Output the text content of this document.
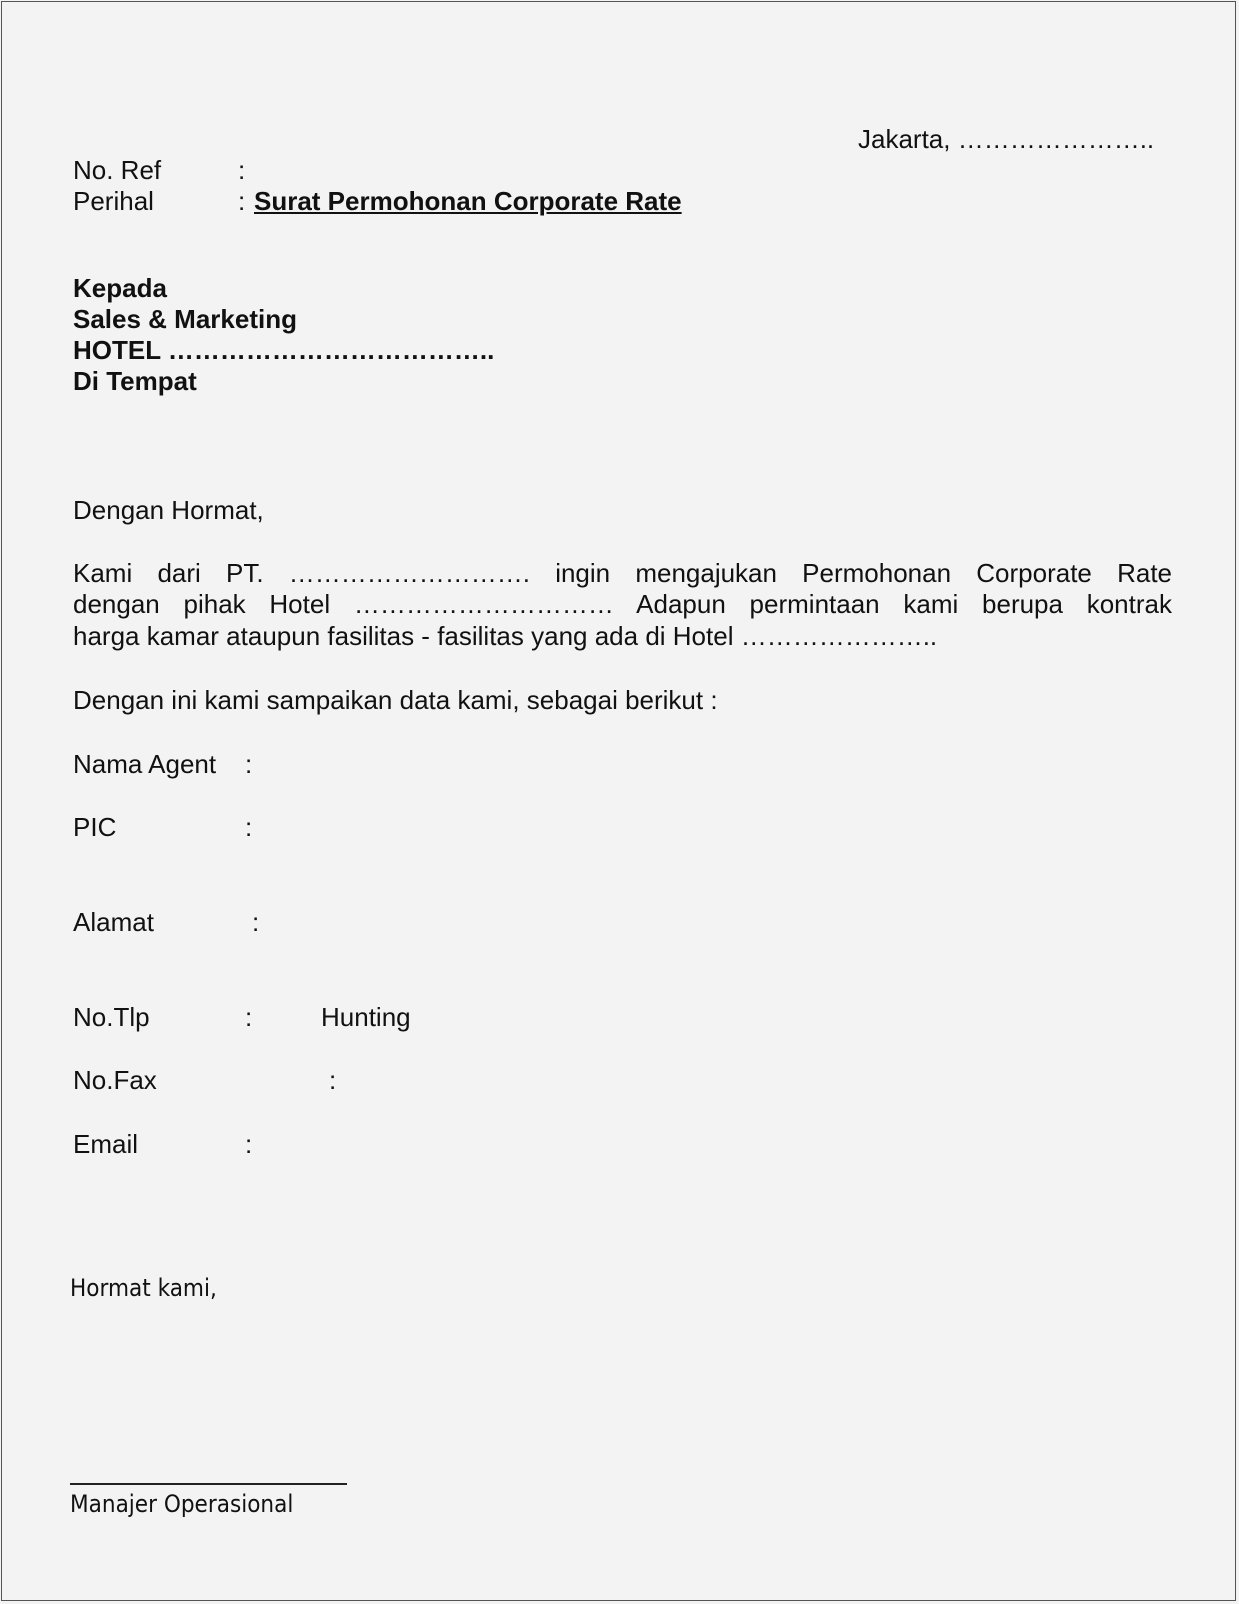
Jakarta, …………………..
No. Ref	:
Perihal	: Surat Permohonan Corporate Rate
Kepada
Sales & Marketing
HOTEL ………………………………..
Di Tempat
Dengan Hormat,
Kami dari PT. ………………………. ingin mengajukan Permohonan Corporate Rate
dengan pihak Hotel ………………………… Adapun permintaan kami berupa kontrak
harga kamar ataupun fasilitas - fasilitas yang ada di Hotel …………………..
Dengan ini kami sampaikan data kami, sebagai berikut :
Nama Agent :
PIC	:
Alamat	:
No.Tlp	:	Hunting
No.Fax	:
Email	:
Hormat kami,
Manajer Operasional
